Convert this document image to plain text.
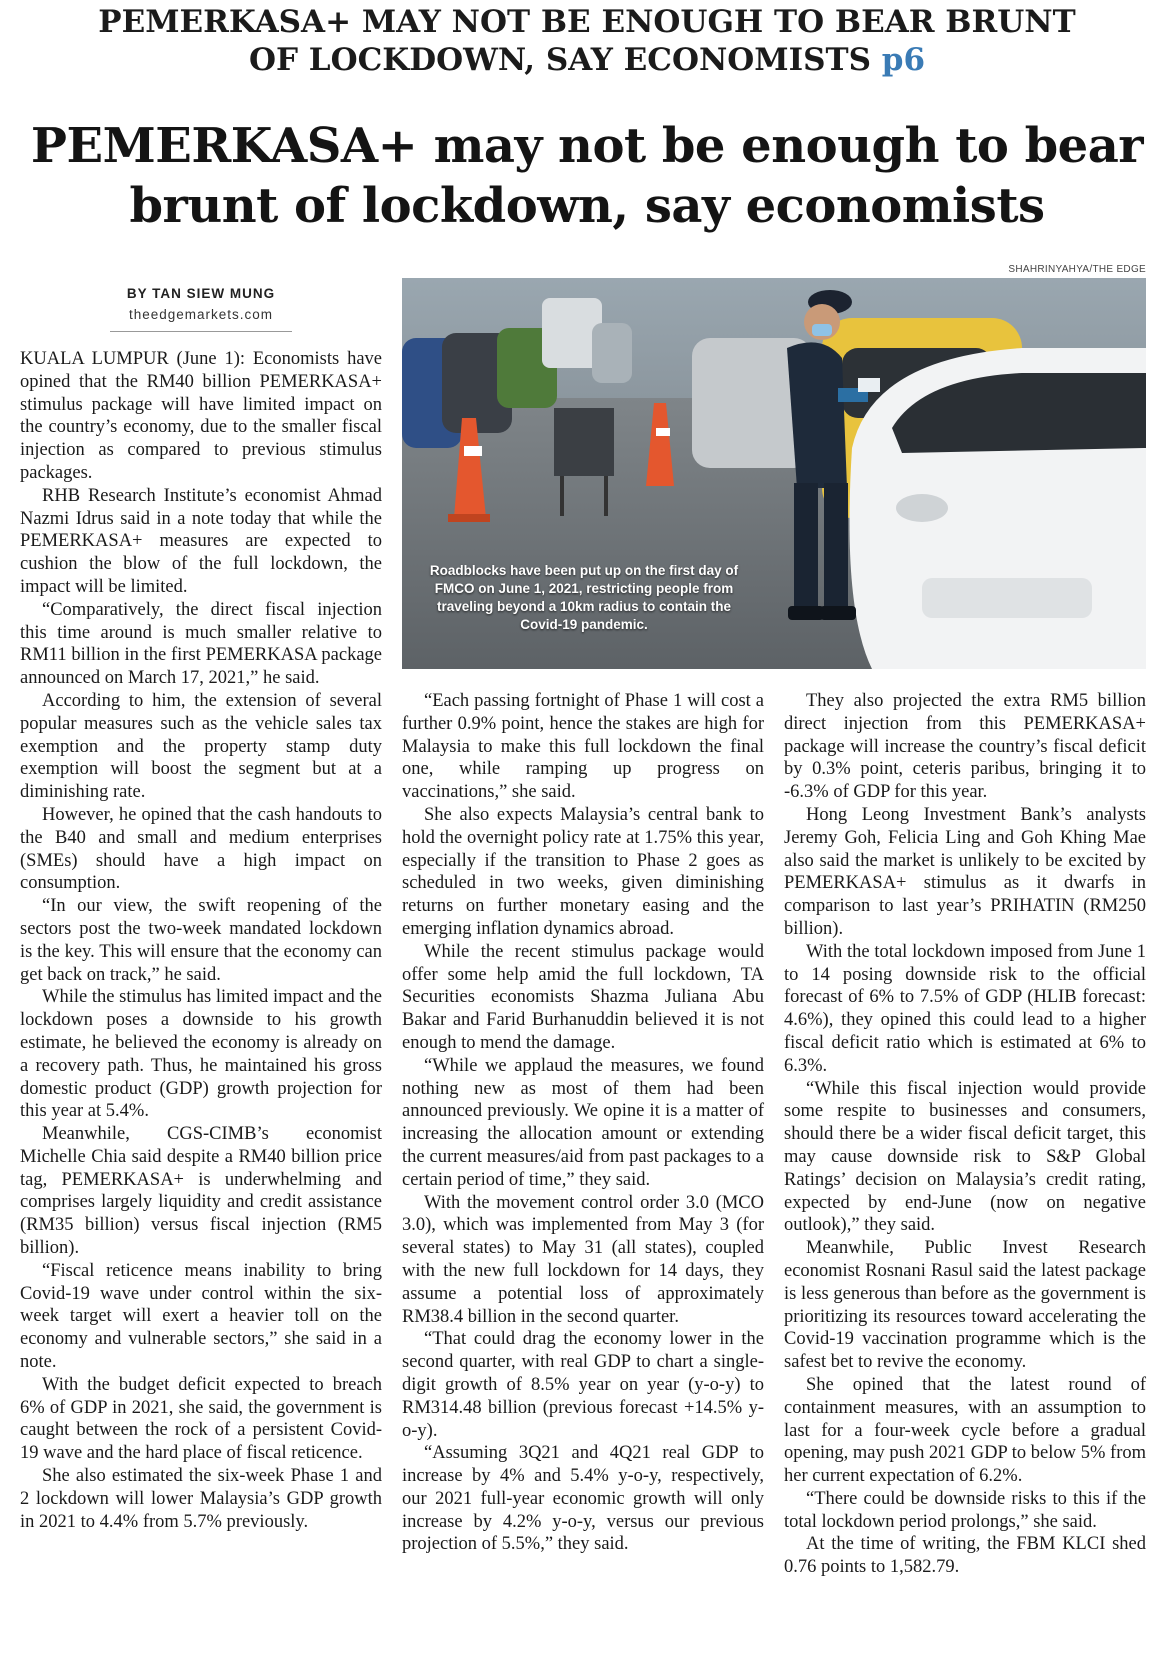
PEMERKASA+ MAY NOT BE ENOUGH TO BEAR BRUNT
OF LOCKDOWN, SAY ECONOMISTS p6
PEMERKASA+ may not be enough to bear
brunt of lockdown, say economists
SHAHRINYAHYA/THE EDGE
Roadblocks have been put up on the first day of FMCO on June 1, 2021, restricting people from traveling beyond a 10km radius to contain the Covid-19 pandemic.
BY TAN SIEW MUNG
theedgemarkets.com

KUALA LUMPUR (June 1): Economists have opined that the RM40 billion PEMERKASA+ stimulus package will have limited impact on the country’s economy, due to the smaller fiscal injection as compared to previous stimulus packages.

RHB Research Institute’s economist Ahmad Nazmi Idrus said in a note today that while the PEMERKASA+ measures are expected to cushion the blow of the full lockdown, the impact will be limited.

“Comparatively, the direct fiscal injection this time around is much smaller relative to RM11 billion in the first PEMERKASA package announced on March 17, 2021,” he said.

According to him, the extension of several popular measures such as the vehicle sales tax exemption and the property stamp duty exemption will boost the segment but at a diminishing rate.

However, he opined that the cash handouts to the B40 and small and medium enterprises (SMEs) should have a high impact on consumption.

“In our view, the swift reopening of the sectors post the two-week mandated lockdown is the key. This will ensure that the economy can get back on track,” he said.

While the stimulus has limited impact and the lockdown poses a downside to his growth estimate, he believed the economy is already on a recovery path. Thus, he maintained his gross domestic product (GDP) growth projection for this year at 5.4%.

Meanwhile, CGS-CIMB’s economist Michelle Chia said despite a RM40 billion price tag, PEMERKASA+ is underwhelming and comprises largely liquidity and credit assistance (RM35 billion) versus fiscal injection (RM5 billion).

“Fiscal reticence means inability to bring Covid-19 wave under control within the six-week target will exert a heavier toll on the economy and vulnerable sectors,” she said in a note.

With the budget deficit expected to breach 6% of GDP in 2021, she said, the government is caught between the rock of a persistent Covid-19 wave and the hard place of fiscal reticence.

She also estimated the six-week Phase 1 and 2 lockdown will lower Malaysia’s GDP growth in 2021 to 4.4% from 5.7% previously.

“Each passing fortnight of Phase 1 will cost a further 0.9% point, hence the stakes are high for Malaysia to make this full lockdown the final one, while ramping up progress on vaccinations,” she said.

She also expects Malaysia’s central bank to hold the overnight policy rate at 1.75% this year, especially if the transition to Phase 2 goes as scheduled in two weeks, given diminishing returns on further monetary easing and the emerging inflation dynamics abroad.

While the recent stimulus package would offer some help amid the full lockdown, TA Securities economists Shazma Juliana Abu Bakar and Farid Burhanuddin believed it is not enough to mend the damage.

“While we applaud the measures, we found nothing new as most of them had been announced previously. We opine it is a matter of increasing the allocation amount or extending the current measures/aid from past packages to a certain period of time,” they said.

With the movement control order 3.0 (MCO 3.0), which was implemented from May 3 (for several states) to May 31 (all states), coupled with the new full lockdown for 14 days, they assume a potential loss of approximately RM38.4 billion in the second quarter.

“That could drag the economy lower in the second quarter, with real GDP to chart a single-digit growth of 8.5% year on year (y-o-y) to RM314.48 billion (previous forecast +14.5% y-o-y).

“Assuming 3Q21 and 4Q21 real GDP to increase by 4% and 5.4% y-o-y, respectively, our 2021 full-year economic growth will only increase by 4.2% y-o-y, versus our previous projection of 5.5%,” they said.

They also projected the extra RM5 billion direct injection from this PEMERKASA+ package will increase the country’s fiscal deficit by 0.3% point, ceteris paribus, bringing it to -6.3% of GDP for this year.

Hong Leong Investment Bank’s analysts Jeremy Goh, Felicia Ling and Goh Khing Mae also said the market is unlikely to be excited by PEMERKASA+ stimulus as it dwarfs in comparison to last year’s PRIHATIN (RM250 billion).

With the total lockdown imposed from June 1 to 14 posing downside risk to the official forecast of 6% to 7.5% of GDP (HLIB forecast: 4.6%), they opined this could lead to a higher fiscal deficit ratio which is estimated at 6% to 6.3%.

“While this fiscal injection would provide some respite to businesses and consumers, should there be a wider fiscal deficit target, this may cause downside risk to S&P Global Ratings’ decision on Malaysia’s credit rating, expected by end-June (now on negative outlook),” they said.

Meanwhile, Public Invest Research economist Rosnani Rasul said the latest package is less generous than before as the government is prioritizing its resources toward accelerating the Covid-19 vaccination programme which is the safest bet to revive the economy.

She opined that the latest round of containment measures, with an assumption to last for a four-week cycle before a gradual opening, may push 2021 GDP to below 5% from her current expectation of 6.2%.

“There could be downside risks to this if the total lockdown period prolongs,” she said.

At the time of writing, the FBM KLCI shed 0.76 points to 1,582.79.
